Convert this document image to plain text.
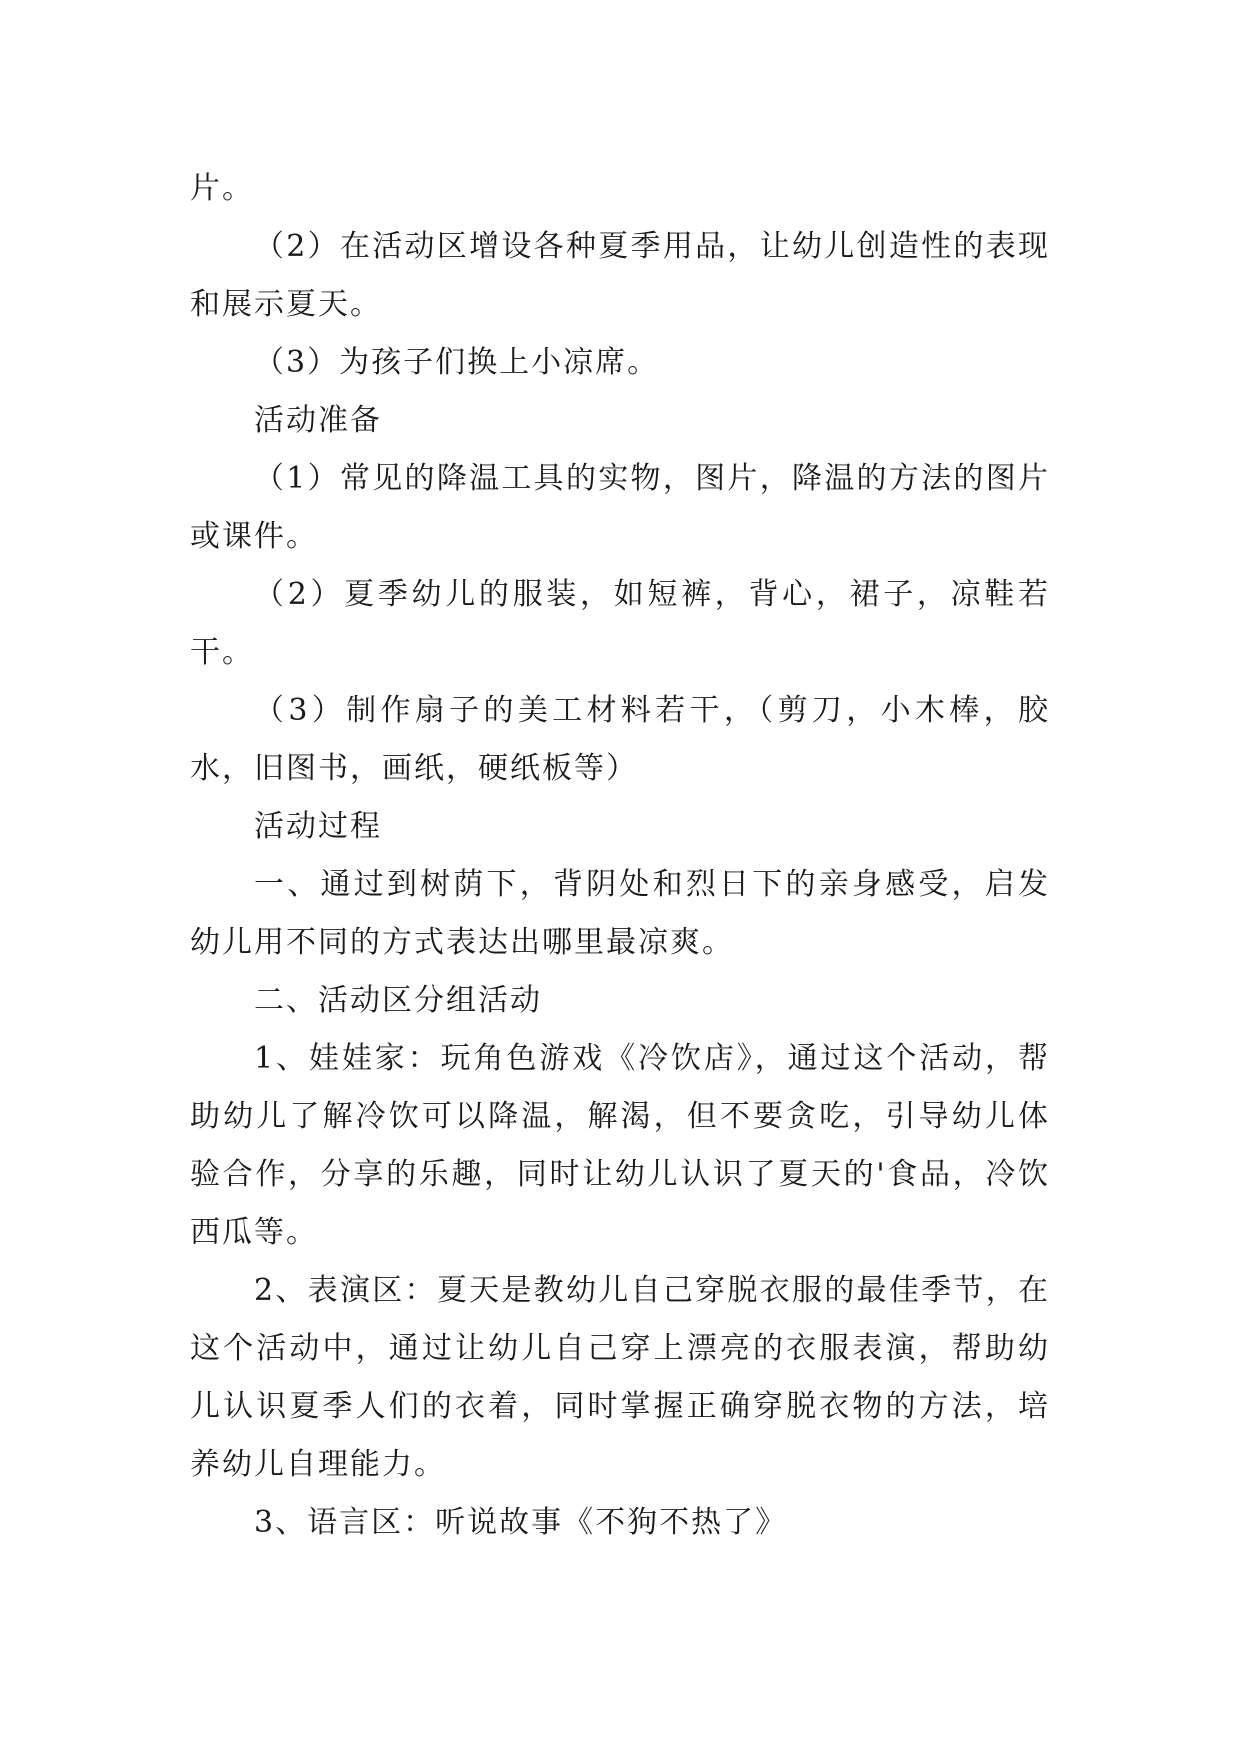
片。

（2）在活动区增设各种夏季用品，让幼儿创造性的表现和展示夏天。

（3）为孩子们换上小凉席。

活动准备

（1）常见的降温工具的实物，图片，降温的方法的图片或课件。

（2）夏季幼儿的服装，如短裤，背心，裙子，凉鞋若干。

（3）制作扇子的美工材料若干，（剪刀，小木棒，胶水，旧图书，画纸，硬纸板等）

活动过程

一、通过到树荫下，背阴处和烈日下的亲身感受，启发幼儿用不同的方式表达出哪里最凉爽。

二、活动区分组活动

1、娃娃家：玩角色游戏《冷饮店》，通过这个活动，帮助幼儿了解冷饮可以降温，解渴，但不要贪吃，引导幼儿体验合作，分享的乐趣，同时让幼儿认识了夏天的'食品，冷饮西瓜等。

2、表演区：夏天是教幼儿自己穿脱衣服的最佳季节，在这个活动中，通过让幼儿自己穿上漂亮的衣服表演，帮助幼儿认识夏季人们的衣着，同时掌握正确穿脱衣物的方法，培养幼儿自理能力。

3、语言区：听说故事《不狗不热了》
